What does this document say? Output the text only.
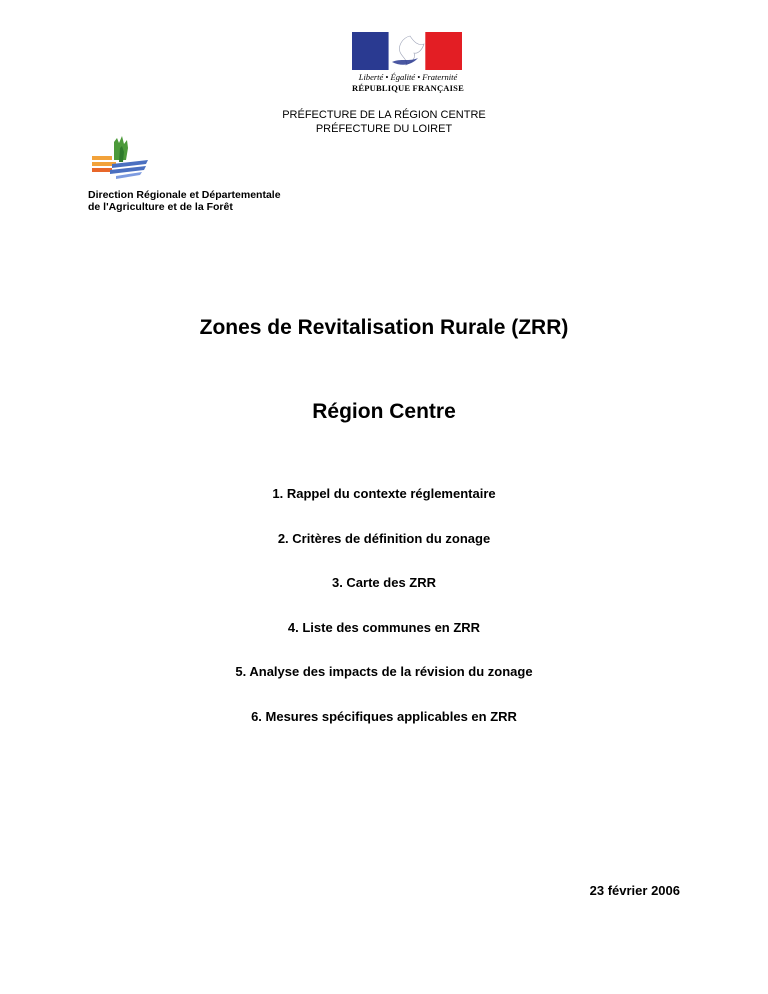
Liberté • Égalité • Fraternité
RÉPUBLIQUE FRANÇAISE
PRÉFECTURE DE LA RÉGION CENTRE
PRÉFECTURE DU LOIRET
Direction Régionale et Départementale
de l'Agriculture et de la Forêt
Zones de Revitalisation Rurale (ZRR)
Région Centre
1. Rappel du contexte réglementaire
2. Critères de définition du zonage
3. Carte des ZRR
4. Liste des communes en ZRR
5. Analyse des impacts de la révision du zonage
6. Mesures spécifiques applicables en ZRR
23 février 2006
